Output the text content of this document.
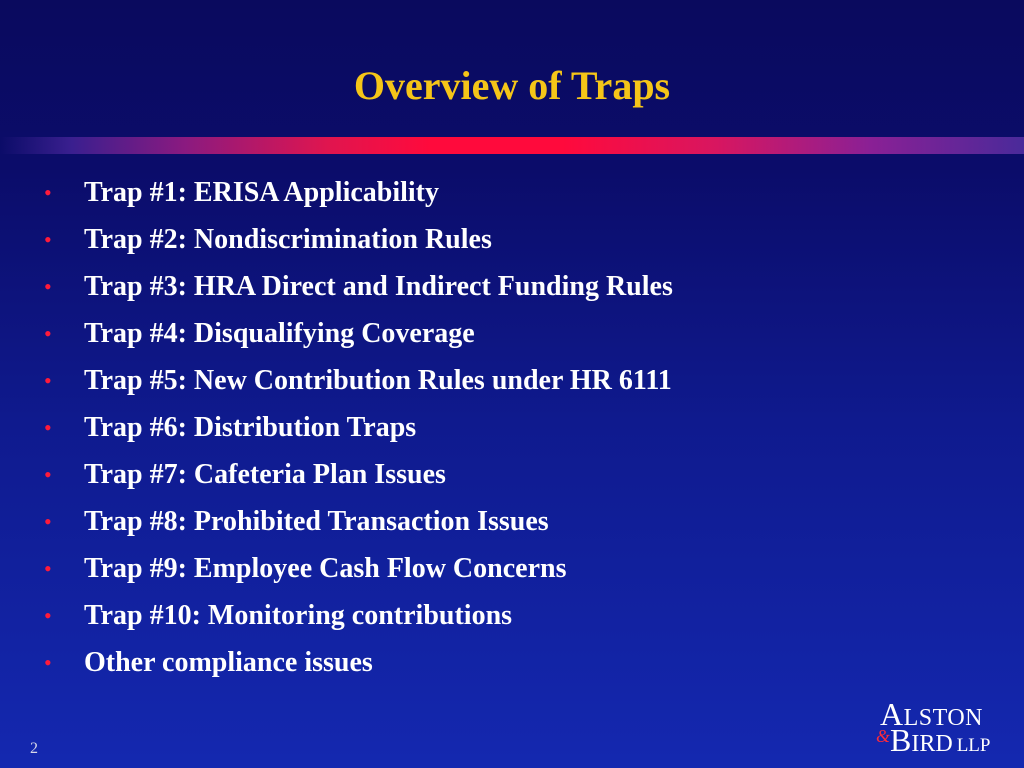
Overview of Traps
•	Trap #1: ERISA Applicability
•	Trap #2: Nondiscrimination Rules
•	Trap #3: HRA Direct and Indirect Funding Rules
•	Trap #4: Disqualifying Coverage
•	Trap #5: New Contribution Rules under HR 6111
•	Trap #6: Distribution Traps
•	Trap #7: Cafeteria Plan Issues
•	Trap #8: Prohibited Transaction Issues
•	Trap #9: Employee Cash Flow Concerns
•	Trap #10: Monitoring contributions
•	Other compliance issues
2
ALSTON
& BIRD LLP
